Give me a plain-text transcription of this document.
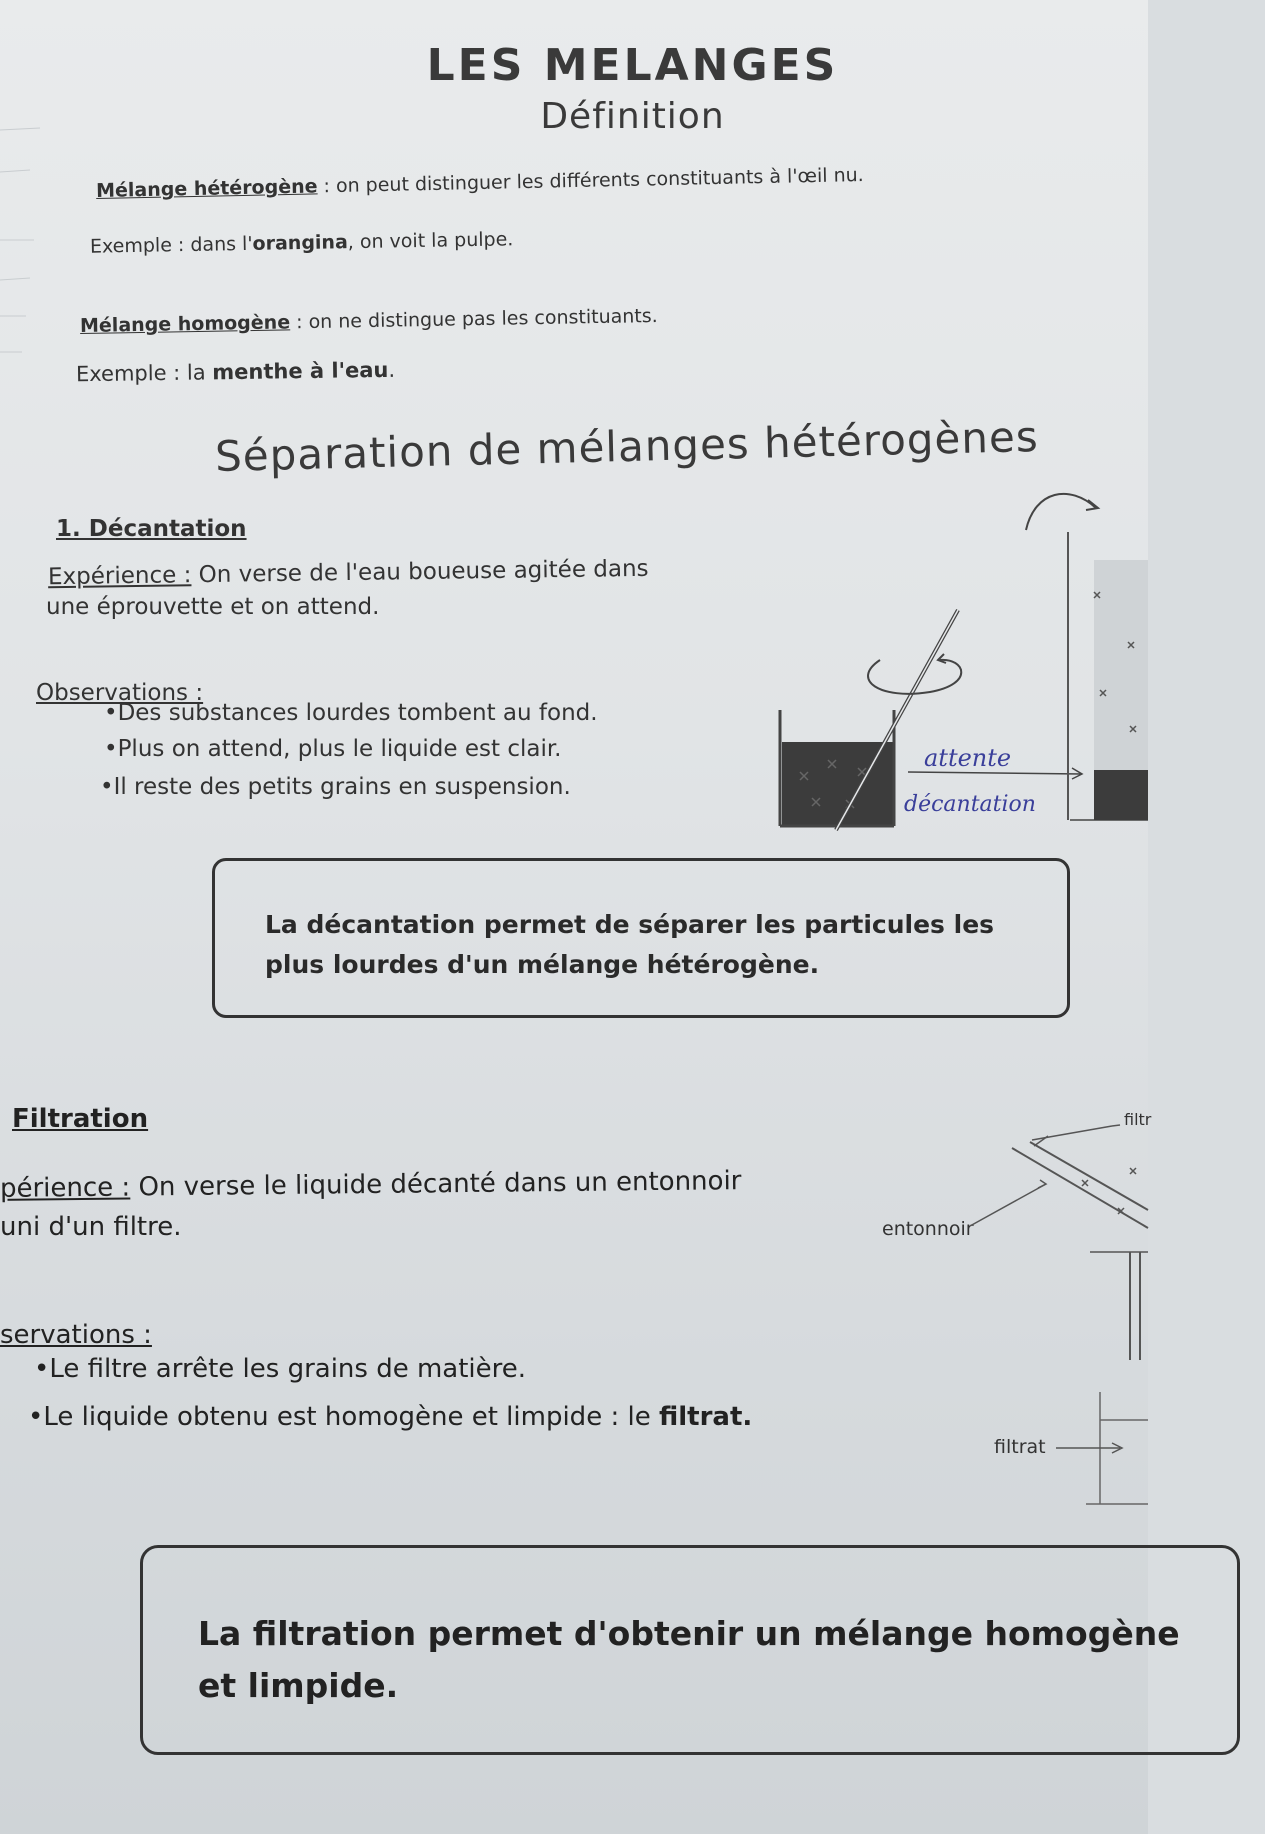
LES MELANGES
Définition
Mélange hétérogène : on peut distinguer les différents constituants à l'œil nu.
Exemple : dans l'orangina, on voit la pulpe.
Mélange homogène : on ne distingue pas les constituants.
Exemple : la menthe à l'eau.
Séparation de mélanges hétérogènes
1. Décantation
Expérience : On verse de l'eau boueuse agitée dans
une éprouvette et on attend.
Observations :
•Des substances lourdes tombent au fond.
•Plus on attend, plus le liquide est clair.
•Il reste des petits grains en suspension.
attente
décantation
La décantation permet de séparer les particules les
plus lourdes d'un mélange hétérogène.
Filtration
périence : On verse le liquide décanté dans un entonnoir
uni d'un filtre.
servations :
•Le filtre arrête les grains de matière.
•Le liquide obtenu est homogène et limpide : le filtrat.
entonnoir
filtr
filtrat
La filtration permet d'obtenir un mélange homogène
et limpide.
